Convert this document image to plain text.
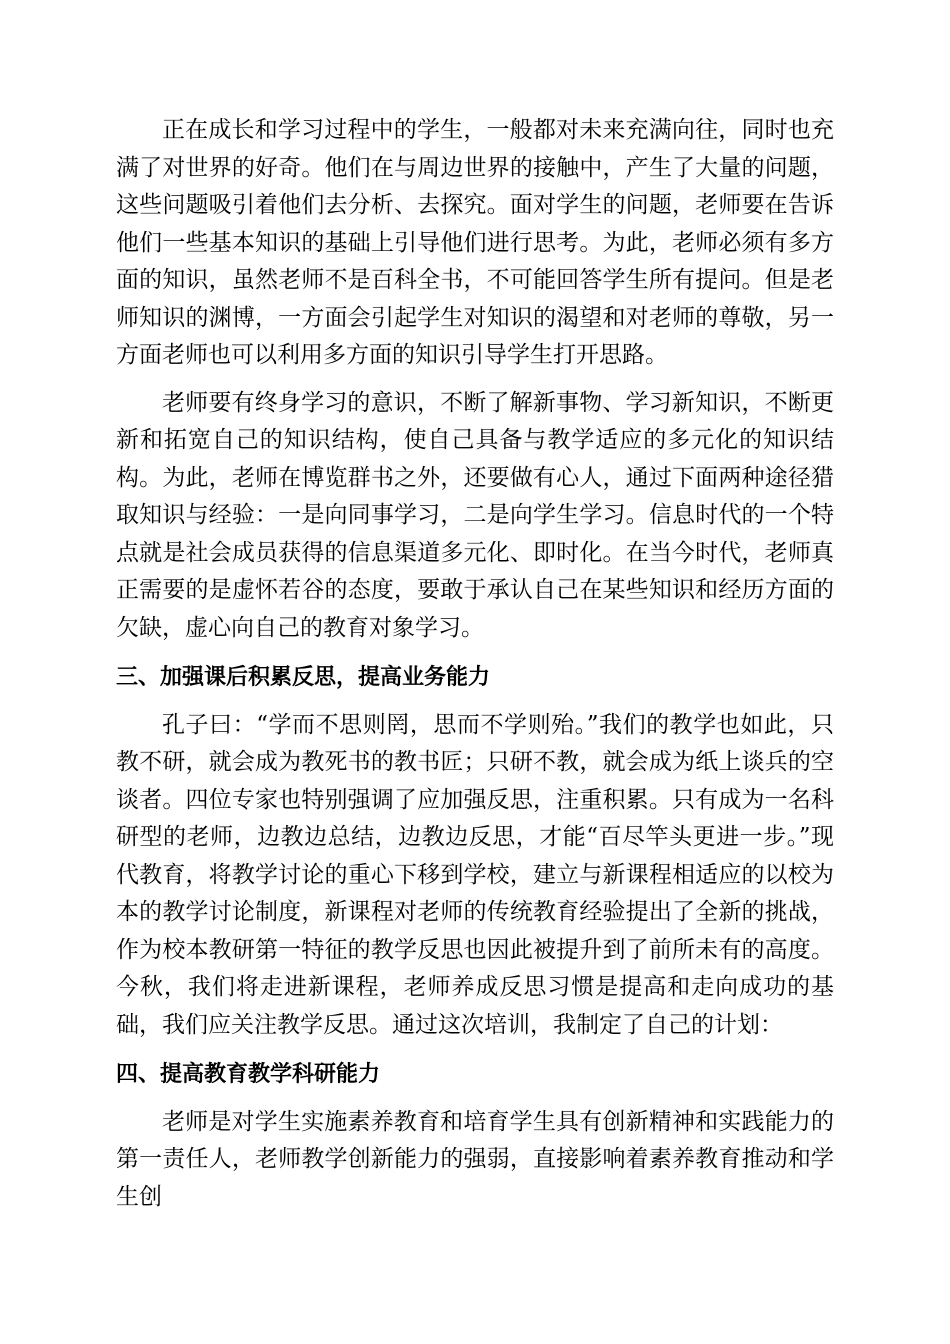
正在成长和学习过程中的学生，一般都对未来充满向往，同时也充满了对世界的好奇。他们在与周边世界的接触中，产生了大量的问题，这些问题吸引着他们去分析、去探究。面对学生的问题，老师要在告诉他们一些基本知识的基础上引导他们进行思考。为此，老师必须有多方面的知识，虽然老师不是百科全书，不可能回答学生所有提问。但是老师知识的渊博，一方面会引起学生对知识的渴望和对老师的尊敬，另一方面老师也可以利用多方面的知识引导学生打开思路。

老师要有终身学习的意识，不断了解新事物、学习新知识，不断更新和拓宽自己的知识结构，使自己具备与教学适应的多元化的知识结构。为此，老师在博览群书之外，还要做有心人，通过下面两种途径猎取知识与经验：一是向同事学习，二是向学生学习。信息时代的一个特点就是社会成员获得的信息渠道多元化、即时化。在当今时代，老师真正需要的是虚怀若谷的态度，要敢于承认自己在某些知识和经历方面的欠缺，虚心向自己的教育对象学习。

三、加强课后积累反思，提高业务能力

孔子曰：“学而不思则罔，思而不学则殆。”我们的教学也如此，只教不研，就会成为教死书的教书匠；只研不教，就会成为纸上谈兵的空谈者。四位专家也特别强调了应加强反思，注重积累。只有成为一名科研型的老师，边教边总结，边教边反思，才能“百尽竿头更进一步。”现代教育，将教学讨论的重心下移到学校，建立与新课程相适应的以校为本的教学讨论制度，新课程对老师的传统教育经验提出了全新的挑战，作为校本教研第一特征的教学反思也因此被提升到了前所未有的高度。今秋，我们将走进新课程，老师养成反思习惯是提高和走向成功的基础，我们应关注教学反思。通过这次培训，我制定了自己的计划：

四、提高教育教学科研能力

老师是对学生实施素养教育和培育学生具有创新精神和实践能力的第一责任人，老师教学创新能力的强弱，直接影响着素养教育推动和学生创
